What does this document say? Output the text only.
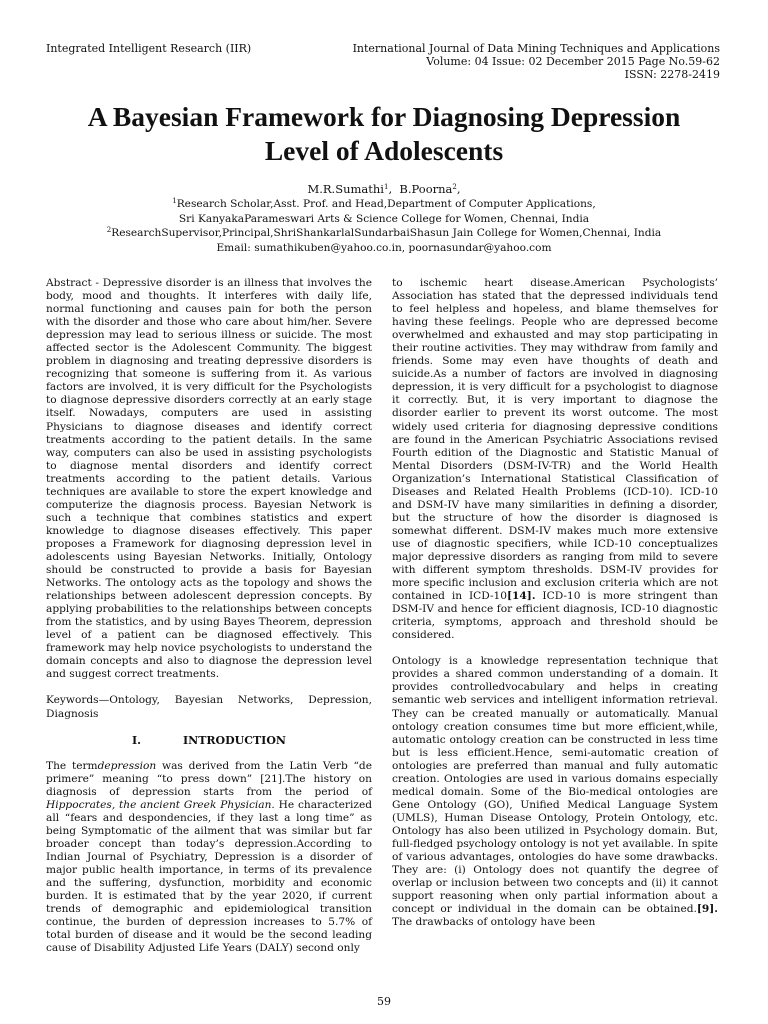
Integrated Intelligent Research (IIR)	International Journal of Data Mining Techniques and Applications
Volume: 04 Issue: 02 December 2015 Page No.59-62
ISSN: 2278-2419
A Bayesian Framework for Diagnosing Depression
Level of Adolescents

M.R.Sumathi$^1$,  B.Poorna$^2$,

$^1$Research Scholar,Asst. Prof. and Head,Department of Computer Applications,

Sri KanyakaParameswari Arts & Science College for Women, Chennai, India

$^2$ResearchSupervisor,Principal,ShriShankarlalSundarbaiShasun Jain College for Women,Chennai, India

Email: sumathikuben@yahoo.co.in, poornasundar@yahoo.com

Abstract - Depressive disorder is an illness that involves the body, mood and thoughts. It interferes with daily life, normal functioning and causes pain for both the person with the disorder and those who care about him/her. Severe depression may lead to serious illness or suicide. The most affected sector is the Adolescent Community. The biggest problem in diagnosing and treating depressive disorders is recognizing that someone is suffering from it. As various factors are involved, it is very difficult for the Psychologists to diagnose depressive disorders correctly at an early stage itself. Nowadays, computers are used in assisting Physicians to diagnose diseases and identify correct treatments according to the patient details. In the same way, computers can also be used in assisting psychologists to diagnose mental disorders and identify correct treatments according to the patient details. Various techniques are available to store the expert knowledge and computerize the diagnosis process. Bayesian Network is such a technique that combines statistics and expert knowledge to diagnose diseases effectively. This paper proposes a Framework for diagnosing depression level in adolescents using Bayesian Networks. Initially, Ontology should be constructed to provide a basis for Bayesian Networks. The ontology acts as the topology and shows the relationships between adolescent depression concepts. By applying probabilities to the relationships between concepts from the statistics, and by using Bayes Theorem, depression level of a patient can be diagnosed effectively. This framework may help novice psychologists to understand the domain concepts and also to diagnose the depression level and suggest correct treatments.

Keywords—Ontology, Bayesian Networks, Depression, Diagnosis

I.	INTRODUCTION

The termdepression was derived from the Latin Verb “de primere” meaning “to press down” [21].The history on diagnosis of depression starts from the period of Hippocrates, the ancient Greek Physician. He characterized all “fears and despondencies, if they last a long time” as being Symptomatic of the ailment that was similar but far broader concept than today’s depression.According to Indian Journal of Psychiatry, Depression is a disorder of major public health importance, in terms of its prevalence and the suffering, dysfunction, morbidity and economic burden. It is estimated that by the year 2020, if current trends of demographic and epidemiological transition continue, the burden of depression increases to 5.7% of total burden of disease and it would be the second leading cause of Disability Adjusted Life Years (DALY) second only

to ischemic heart disease.American Psychologists’ Association has stated that the depressed individuals tend to feel helpless and hopeless, and blame themselves for having these feelings. People who are depressed become overwhelmed and exhausted and may stop participating in their routine activities. They may withdraw from family and friends. Some may even have thoughts of death and suicide.As a number of factors are involved in diagnosing depression, it is very difficult for a psychologist to diagnose it correctly. But, it is very important to diagnose the disorder earlier to prevent its worst outcome. The most widely used criteria for diagnosing depressive conditions are found in the American Psychiatric Associations revised Fourth edition of the Diagnostic and Statistic Manual of Mental Disorders (DSM-IV-TR) and the World Health Organization’s International Statistical Classification of Diseases and Related Health Problems (ICD-10). ICD-10 and DSM-IV have many similarities in defining a disorder, but the structure of how the disorder is diagnosed is somewhat different. DSM-IV makes much more extensive use of diagnostic specifiers, while ICD-10 conceptualizes major depressive disorders as ranging from mild to severe with different symptom thresholds. DSM-IV provides for more specific inclusion and exclusion criteria which are not contained in ICD-10[14]. ICD-10 is more stringent than DSM-IV and hence for efficient diagnosis, ICD-10 diagnostic criteria, symptoms, approach and threshold should be considered.

Ontology is a knowledge representation technique that provides a shared common understanding of a domain. It provides controlledvocabulary and helps in creating semantic web services and intelligent information retrieval. They can be created manually or automatically. Manual ontology creation consumes time but more efficient,while, automatic ontology creation can be constructed in less time but is less efficient.Hence, semi-automatic creation of ontologies are preferred than manual and fully automatic creation. Ontologies are used in various domains especially medical domain. Some of the Bio-medical ontologies are Gene Ontology (GO), Unified Medical Language System (UMLS), Human Disease Ontology, Protein Ontology, etc. Ontology has also been utilized in Psychology domain. But, full-fledged psychology ontology is not yet available. In spite of various advantages, ontologies do have some drawbacks. They are: (i) Ontology does not quantify the degree of overlap or inclusion between two concepts and (ii) it cannot support reasoning when only partial information about a concept or individual in the domain can be obtained.[9]. The drawbacks of ontology have been

59
